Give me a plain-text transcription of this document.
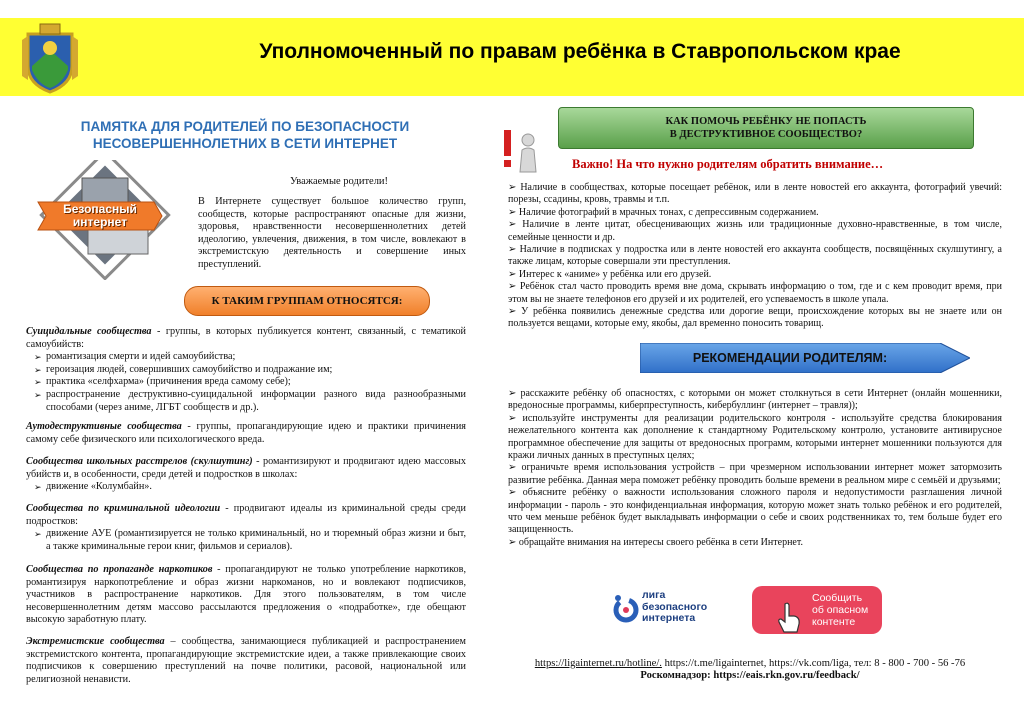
Уполномоченный по правам ребёнка в Ставропольском крае
ПАМЯТКА ДЛЯ РОДИТЕЛЕЙ ПО БЕЗОПАСНОСТИ
НЕСОВЕРШЕННОЛЕТНИХ В СЕТИ ИНТЕРНЕТ
Безопасный
интернет
Уважаемые родители!
В Интернете существует большое количество групп, сообществ, которые распространяют опасные для жизни, здоровья, нравственности несовершеннолетних детей идеологию, увлечения, движения, в том числе, вовлекают в экстремистскую деятельность и совершение иных преступлений.
К ТАКИМ ГРУППАМ ОТНОСЯТСЯ:
Суицидальные сообщества - группы, в которых публикуется контент, связанный, с тематикой самоубийств:
➢ романтизация смерти и идей самоубийства;
➢ героизация людей, совершивших самоубийство и подражание им;
➢ практика «селфхарма» (причинения вреда самому себе);
➢ распространение деструктивно-суицидальной информации разного вида разнообразными способами (через аниме, ЛГБТ сообществ и др.).
Аутодеструктивные сообщества - группы, пропагандирующие идею и практики причинения самому себе физического или психологического вреда.
Сообщества школьных расстрелов (скулшутинг) - романтизируют и продвигают идею массовых убийств и, в особенности, среди детей и подростков в школах:
➢ движение «Колумбайн».
Сообщества по криминальной идеологии - продвигают идеалы из криминальной среды среди подростков:
➢ движение АУЕ (романтизируется не только криминальный, но и тюремный образ жизни и быт, а также криминальные герои книг, фильмов и сериалов).
Сообщества по пропаганде наркотиков - пропагандируют не только употребление наркотиков, романтизируя наркопотребление и образ жизни наркоманов, но и вовлекают подписчиков, участников в распространение наркотиков. Для этого пользователям, в том числе несовершеннолетним детям массово рассылаются предложения о «подработке», где обещают высокую заработную плату.
Экстремистские сообщества – сообщества, занимающиеся публикацией и распространением экстремистского контента, пропагандирующие экстремистские идеи, а также привлекающие своих подписчиков к совершению преступлений на почве политики, расовой, национальной или религиозной ненависти.
КАК ПОМОЧЬ РЕБЁНКУ НЕ ПОПАСТЬ
В ДЕСТРУКТИВНОЕ СООБЩЕСТВО?
Важно! На что нужно родителям обратить внимание…
➢ Наличие в сообществах, которые посещает ребёнок, или в ленте новостей его аккаунта, фотографий увечий: порезы, ссадины, кровь, травмы и т.п.
➢ Наличие фотографий в мрачных тонах, с депрессивным содержанием.
➢ Наличие в ленте цитат, обесценивающих жизнь или традиционные духовно-нравственные, в том числе, семейные ценности и др.
➢ Наличие в подписках у подростка или в ленте новостей его аккаунта сообществ, посвящённых скулшутингу, а также лицам, которые совершали эти преступления.
➢ Интерес к «аниме» у ребёнка или его друзей.
➢ Ребёнок стал часто проводить время вне дома, скрывать информацию о том, где и с кем проводит время, при этом вы не знаете телефонов его друзей и их родителей, его успеваемость в школе упала.
➢ У ребёнка появились денежные средства или дорогие вещи, происхождение которых вы не знаете или он пользуется вещами, которые ему, якобы, дал временно поносить товарищ.
РЕКОМЕНДАЦИИ РОДИТЕЛЯМ:
➢ расскажите ребёнку об опасностях, с которыми он может столкнуться в сети Интернет (онлайн мошенники, вредоносные программы, киберпреступность, кибербуллинг (интернет – травля));
➢ используйте инструменты для реализации родительского контроля - используйте средства блокирования нежелательного контента как дополнение к стандартному Родительскому контролю, установите антивирусное программное обеспечение для защиты от вредоносных программ, которыми интернет мошенники пользуются для кражи личных данных в преступных целях;
➢ ограничьте время использования устройств – при чрезмерном использовании интернет может затормозить развитие ребёнка. Данная мера поможет ребёнку проводить больше времени в реальном мире с семьёй и друзьями;
➢ объясните ребёнку о важности использования сложного пароля и недопустимости разглашения личной информации - пароль - это конфиденциальная информация, которую может знать только ребёнок и его родителей, что чем меньше ребёнок будет выкладывать информации о себе и своих родственниках то, тем больше будет его защищенность.
➢ обращайте внимания на интересы своего ребёнка в сети Интернет.
лига
безопасного
интернета
Сообщить
об опасном
контенте
https://ligainternet.ru/hotline/. https://t.me/ligainternet, https://vk.com/liga, тел: 8 - 800 - 700 - 56 -76
Роскомнадзор: https://eais.rkn.gov.ru/feedback/
